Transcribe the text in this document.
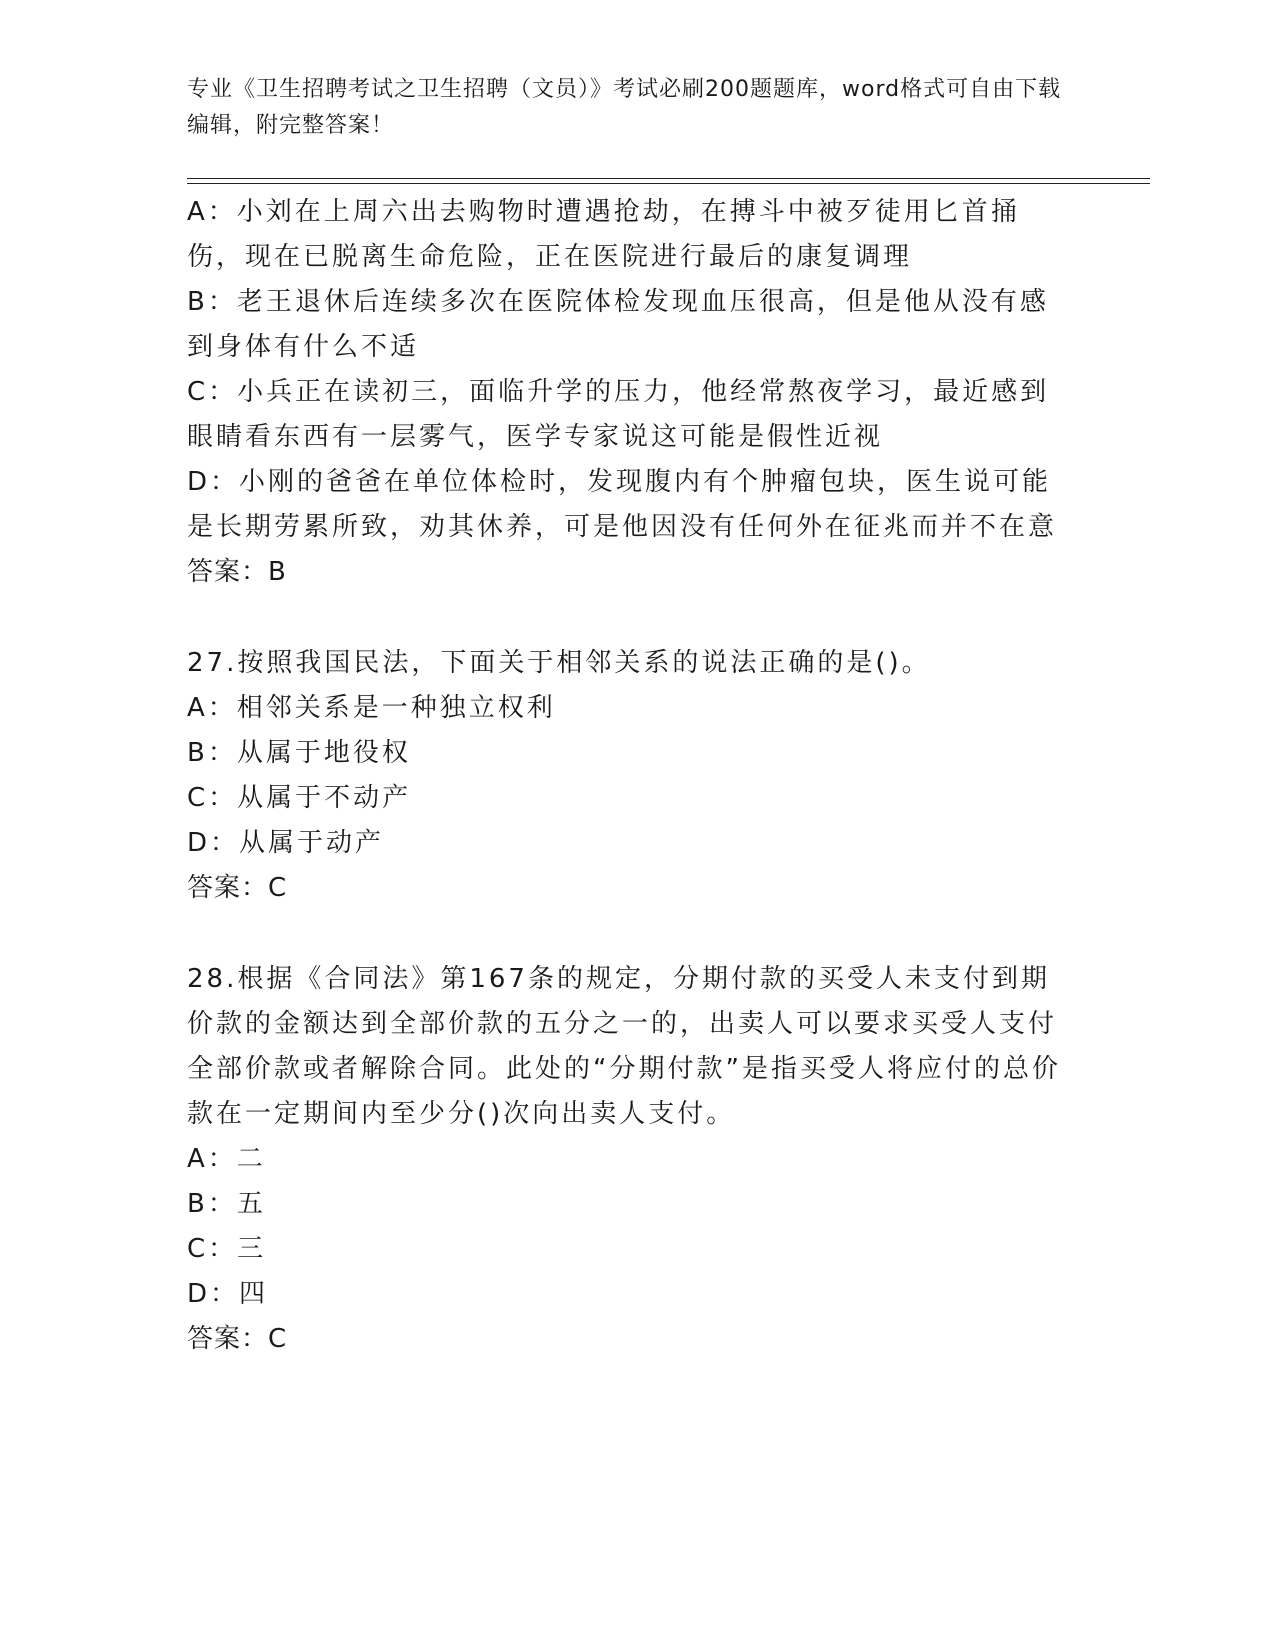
专业《卫生招聘考试之卫生招聘（文员）》考试必刷200题题库，word格式可自由下载编辑，附完整答案！

A：小刘在上周六出去购物时遭遇抢劫，在搏斗中被歹徒用匕首捅伤，现在已脱离生命危险，正在医院进行最后的康复调理

B：老王退休后连续多次在医院体检发现血压很高，但是他从没有感到身体有什么不适

C：小兵正在读初三，面临升学的压力，他经常熬夜学习，最近感到眼睛看东西有一层雾气，医学专家说这可能是假性近视

D：小刚的爸爸在单位体检时，发现腹内有个肿瘤包块，医生说可能是长期劳累所致，劝其休养，可是他因没有任何外在征兆而并不在意

答案：B

27.按照我国民法，下面关于相邻关系的说法正确的是()。

A：相邻关系是一种独立权利

B：从属于地役权

C：从属于不动产

D：从属于动产

答案：C

28.根据《合同法》第167条的规定，分期付款的买受人未支付到期价款的金额达到全部价款的五分之一的，出卖人可以要求买受人支付全部价款或者解除合同。此处的“分期付款”是指买受人将应付的总价款在一定期间内至少分()次向出卖人支付。

A：二

B：五

C：三

D：四

答案：C
